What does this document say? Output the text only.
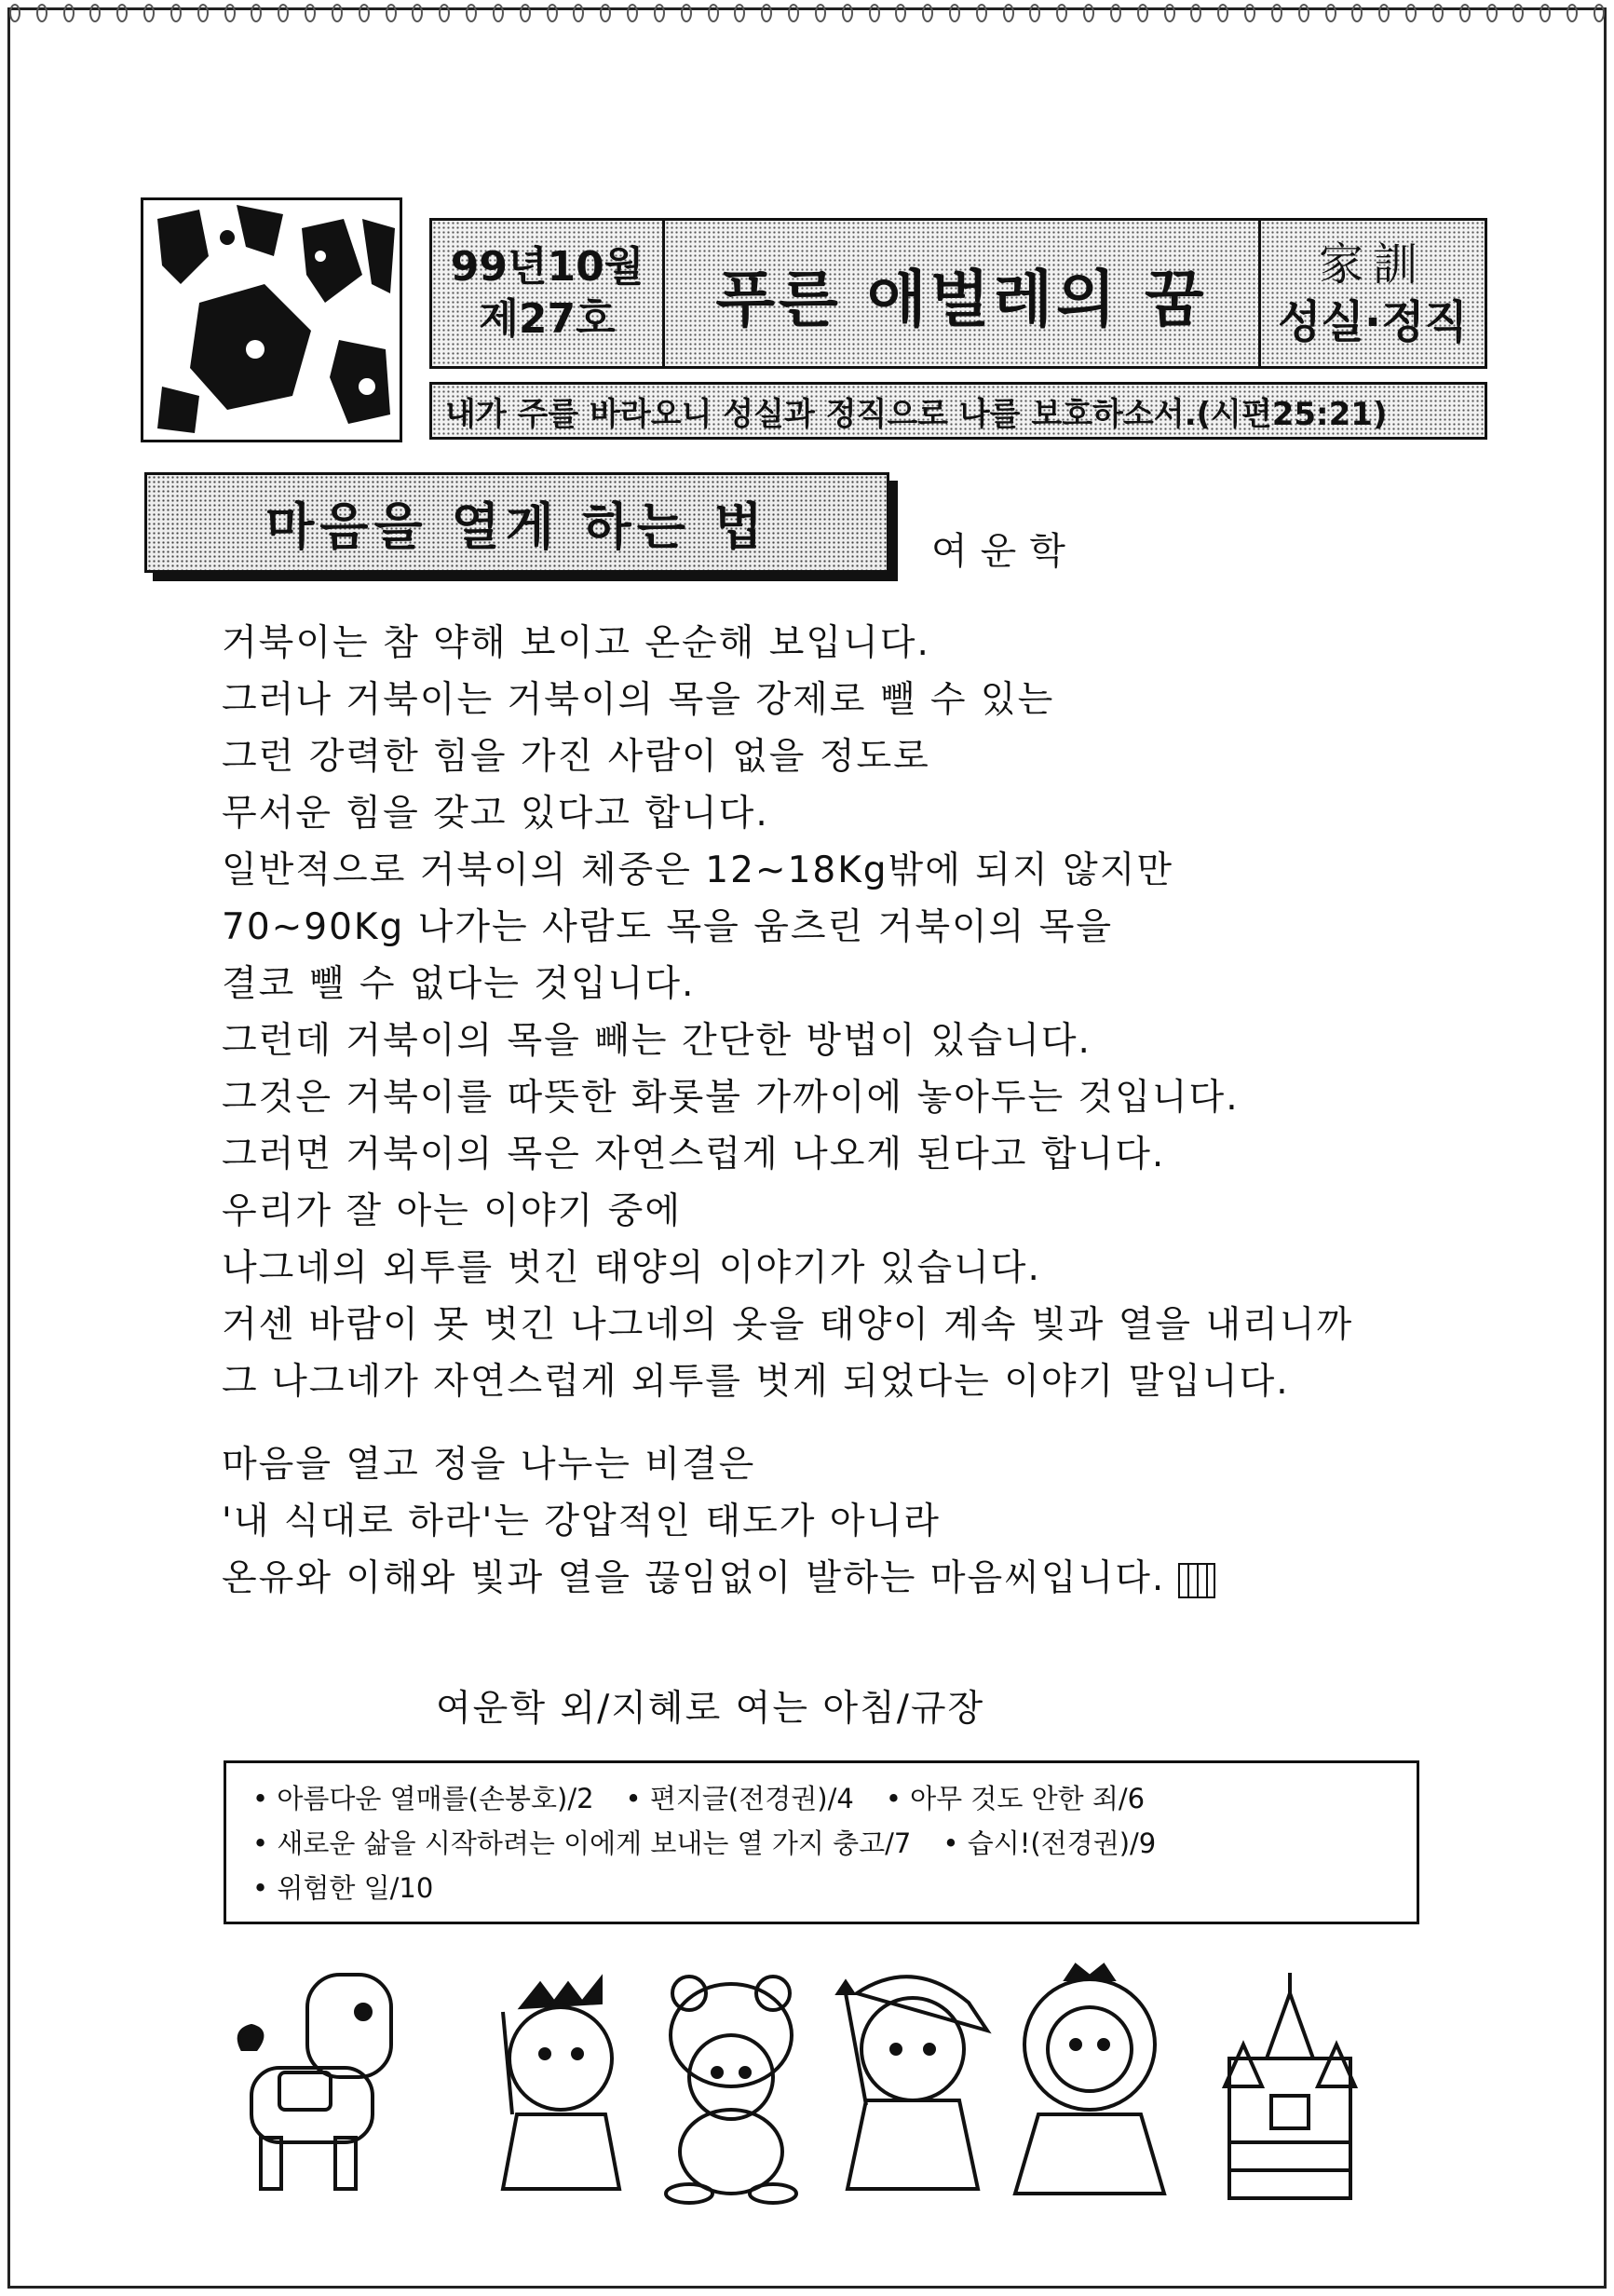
99년10월
제27호 푸른 애벌레의 꿈 家訓
성실·정직
내가 주를 바라오니 성실과 정직으로 나를 보호하소서.(시편25:21)
마음을 열게 하는 법	여운학
거북이는 참 약해 보이고 온순해 보입니다.
그러나 거북이는 거북이의 목을 강제로 뺄 수 있는
그런 강력한 힘을 가진 사람이 없을 정도로
무서운 힘을 갖고 있다고 합니다.
일반적으로 거북이의 체중은 12~18Kg밖에 되지 않지만
70~90Kg 나가는 사람도 목을 움츠린 거북이의 목을
결코 뺄 수 없다는 것입니다.
그런데 거북이의 목을 빼는 간단한 방법이 있습니다.
그것은 거북이를 따뜻한 화롯불 가까이에 놓아두는 것입니다.
그러면 거북이의 목은 자연스럽게 나오게 된다고 합니다.
우리가 잘 아는 이야기 중에
나그네의 외투를 벗긴 태양의 이야기가 있습니다.
거센 바람이 못 벗긴 나그네의 옷을 태양이 계속 빛과 열을 내리니까
그 나그네가 자연스럽게 외투를 벗게 되었다는 이야기 말입니다.
마음을 열고 정을 나누는 비결은
'내 식대로 하라'는 강압적인 태도가 아니라
온유와 이해와 빛과 열을 끊임없이 발하는 마음씨입니다.
여운학 외/지혜로 여는 아침/규장
• 아름다운 열매를(손봉호)/2 • 편지글(전경권)/4 • 아무 것도 안한 죄/6
• 새로운 삶을 시작하려는 이에게 보내는 열 가지 충고/7 • 습시!(전경권)/9
• 위험한 일/10
